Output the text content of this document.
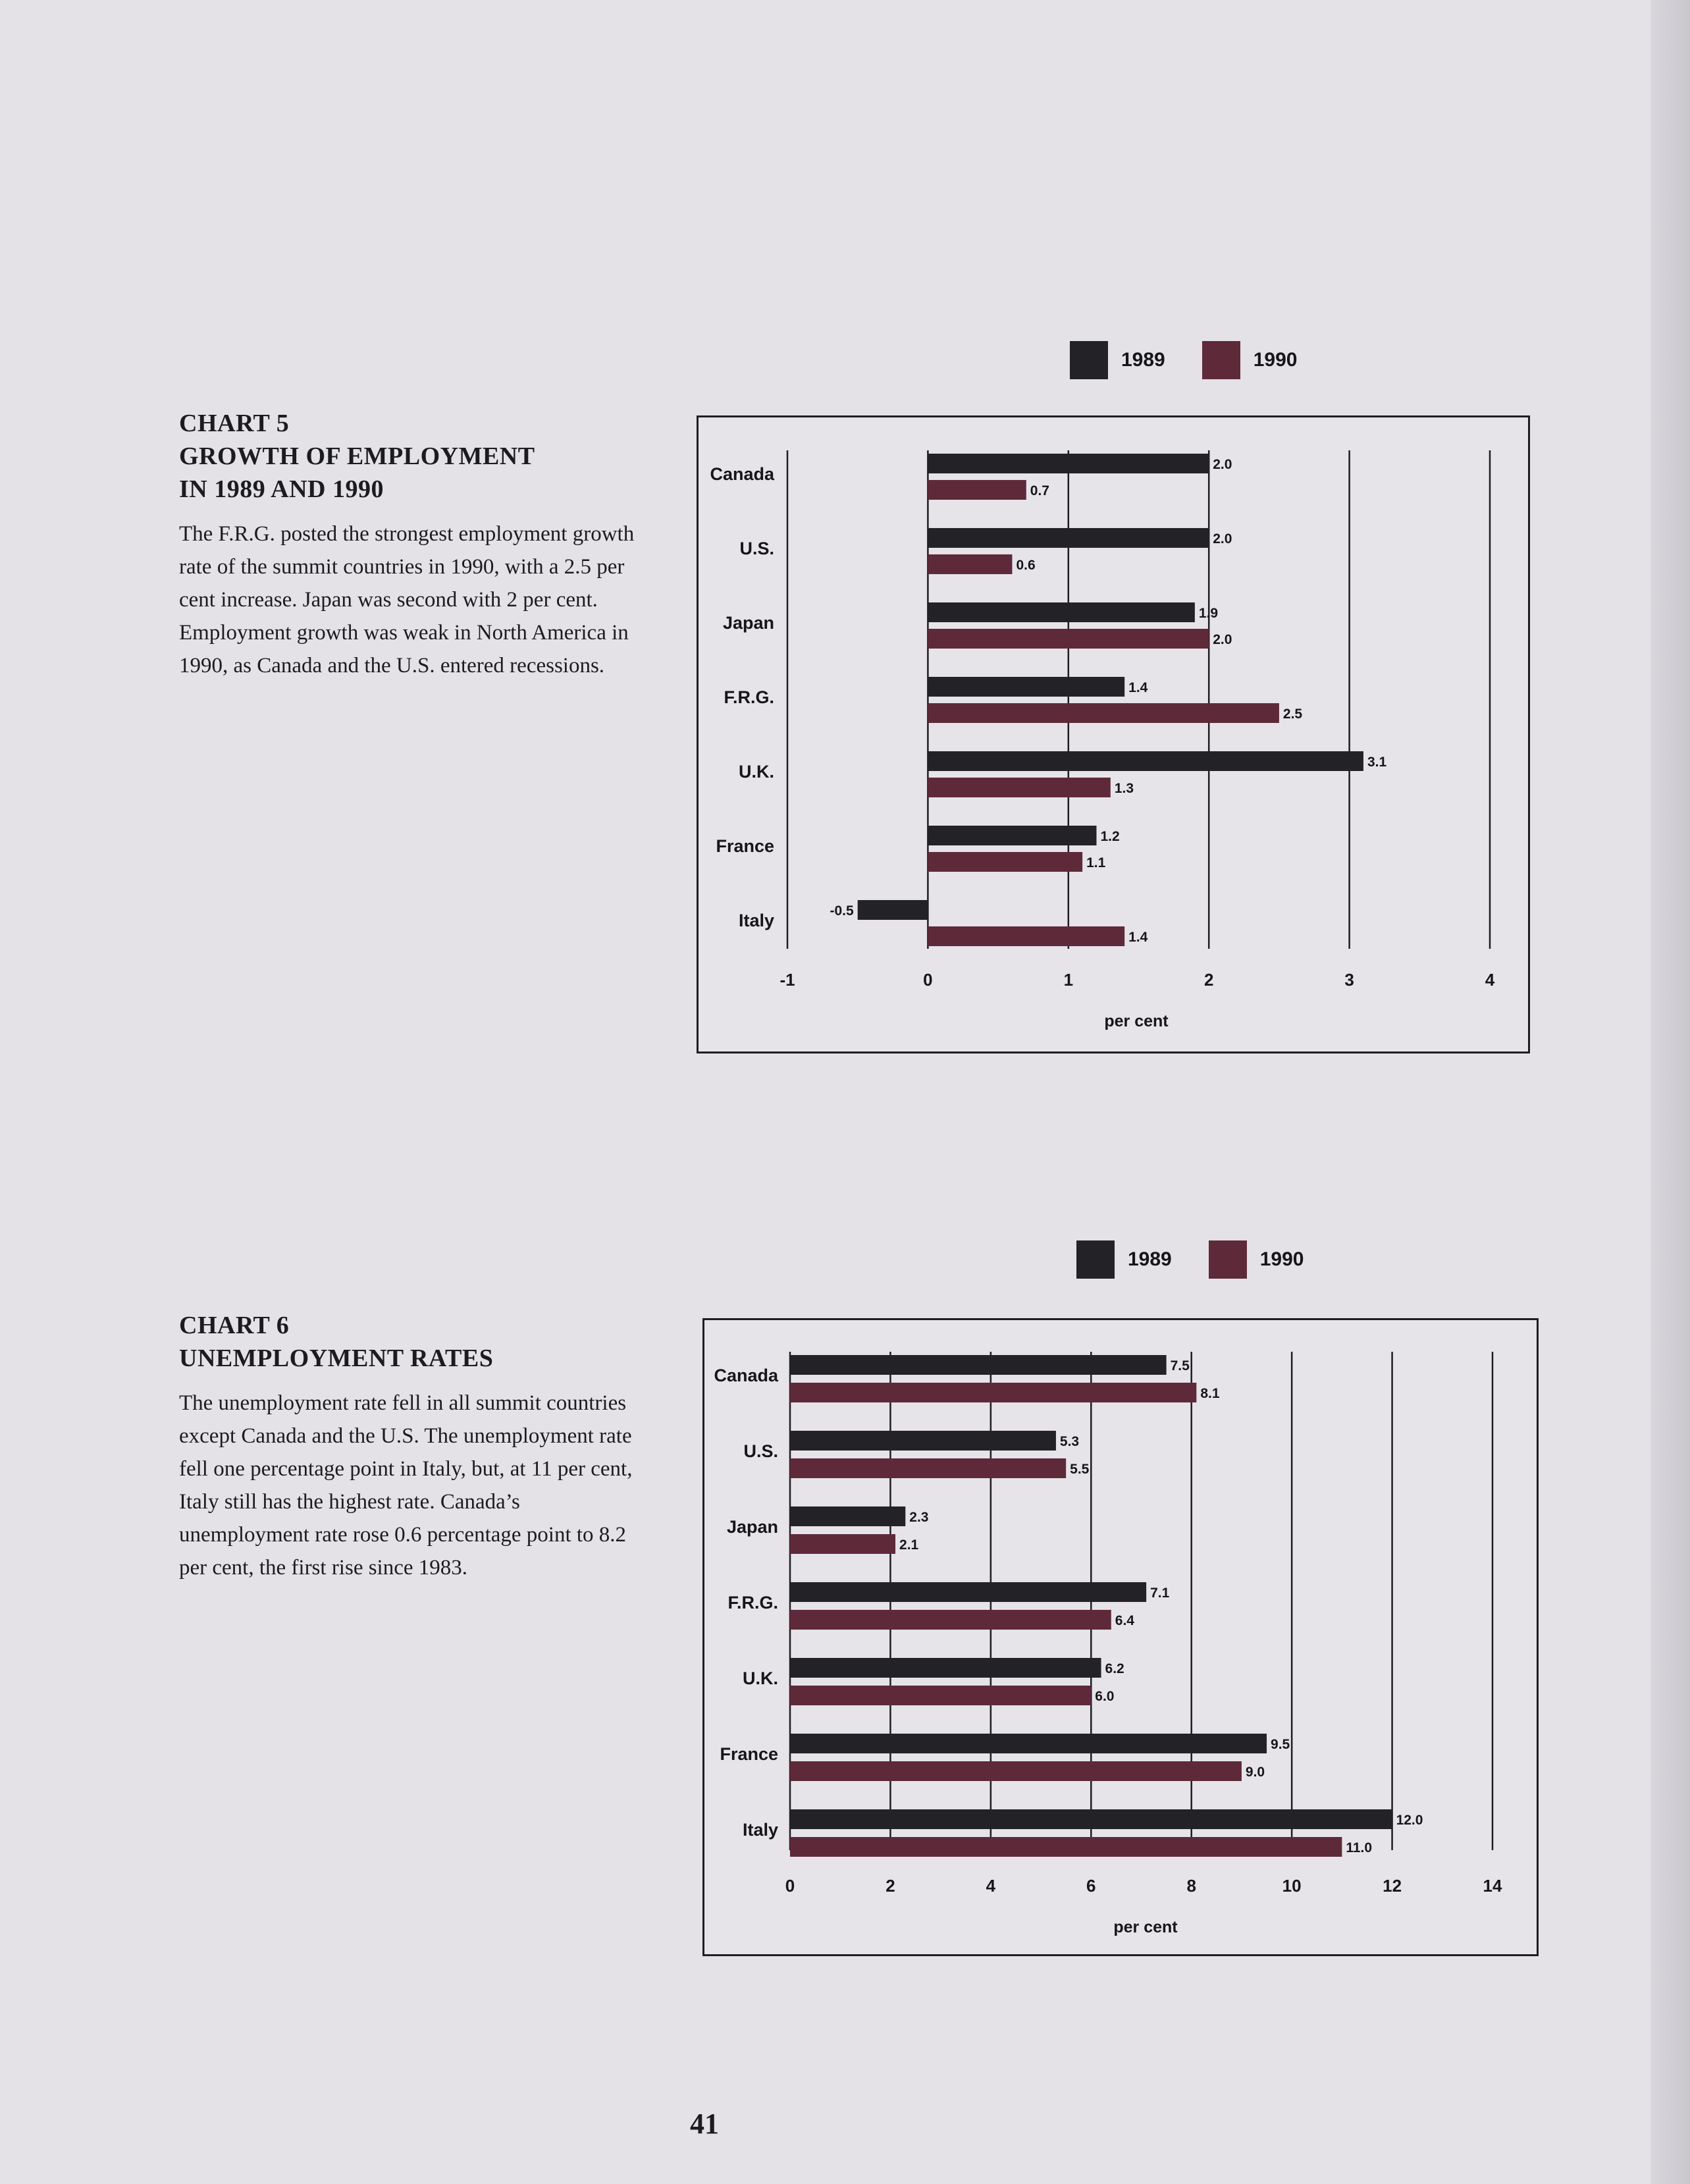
CHART 5
GROWTH OF EMPLOYMENT
IN 1989 AND 1990

The F.R.G. posted the strongest employment growth rate of the summit countries in 1990, with a 2.5 per cent increase. Japan was second with 2 per cent. Employment growth was weak in North America in 1990, as Canada and the U.S. entered recessions.

1989	1990
-1	0	1	2	3	4
per cent
Canada	2.0
0.7
U.S.	2.0
0.6
Japan	1.9
2.0
F.R.G.	1.4
2.5
U.K.	3.1
1.3
France	1.2
1.1
Italy	-0.5
1.4
CHART 6
UNEMPLOYMENT RATES

The unemployment rate fell in all summit countries except Canada and the U.S. The unemployment rate fell one percentage point in Italy, but, at 11 per cent, Italy still has the highest rate. Canada’s unemployment rate rose 0.6 percentage point to 8.2 per cent, the first rise since 1983.

1989	1990
0	2	4	6	8	10	12	14
per cent
Canada	7.5
8.1
U.S.	5.3
5.5
Japan	2.3
2.1
F.R.G.	7.1
6.4
U.K.	6.2
6.0
France	9.5
9.0
Italy	12.0
11.0
41
